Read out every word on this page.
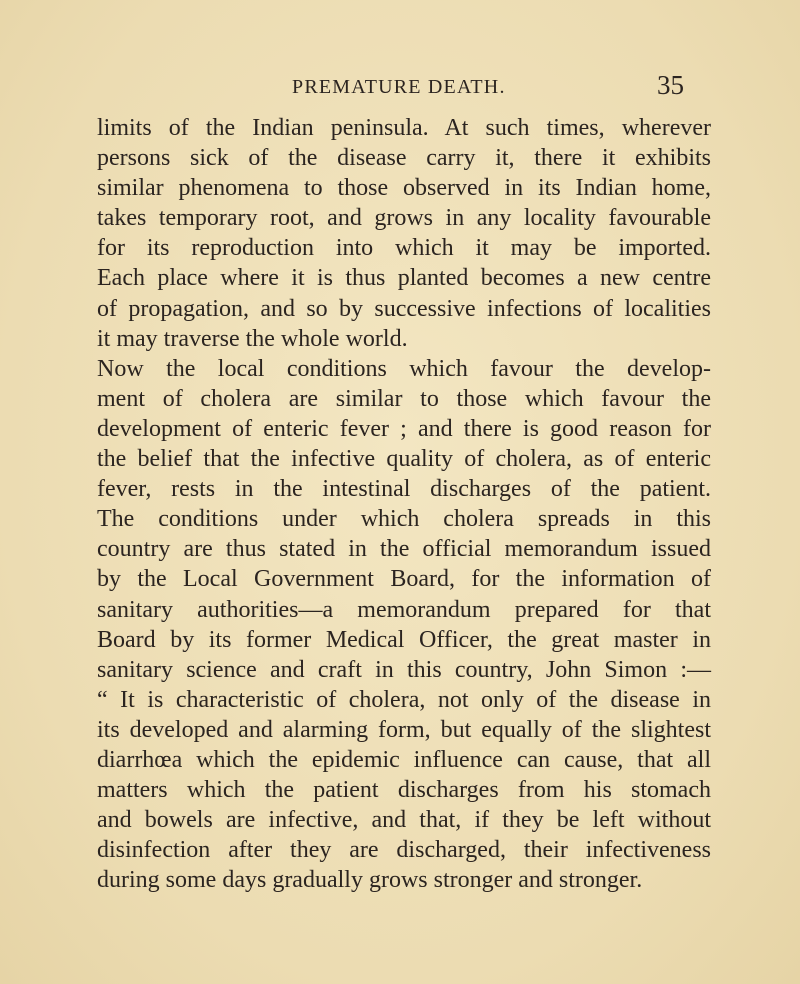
PREMATURE DEATH.	35
limits of the Indian peninsula. At such times, wherever
persons sick of the disease carry it, there it exhibits
similar phenomena to those observed in its Indian home,
takes temporary root, and grows in any locality favourable
for its reproduction into which it may be imported.
Each place where it is thus planted becomes a new centre
of propagation, and so by successive infections of localities
it may traverse the whole world.
Now the local conditions which favour the develop-
ment of cholera are similar to those which favour the
development of enteric fever ; and there is good reason for
the belief that the infective quality of cholera, as of enteric
fever, rests in the intestinal discharges of the patient.
The conditions under which cholera spreads in this
country are thus stated in the official memorandum issued
by the Local Government Board, for the information of
sanitary authorities—a memorandum prepared for that
Board by its former Medical Officer, the great master in
sanitary science and craft in this country, John Simon :—
“ It is characteristic of cholera, not only of the disease in
its developed and alarming form, but equally of the slightest
diarrhœa which the epidemic influence can cause, that all
matters which the patient discharges from his stomach
and bowels are infective, and that, if they be left without
disinfection after they are discharged, their infectiveness
during some days gradually grows stronger and stronger.
